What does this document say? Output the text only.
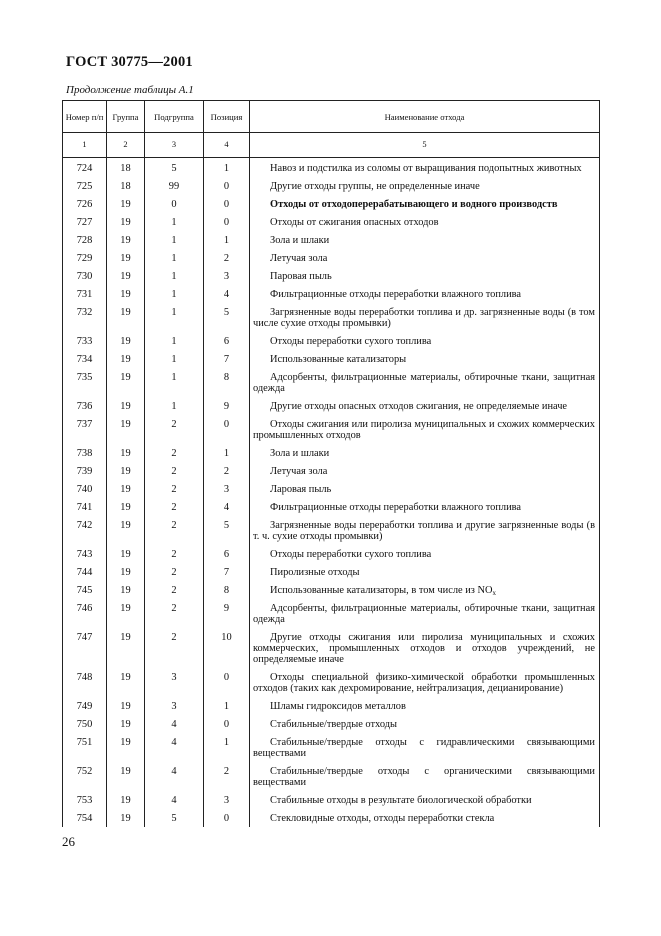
ГОСТ 30775—2001
Продолжение таблицы А.1
Номер п/п	Группа	Подгруппа	Позиция	Наименование отхода
1	2	3	4	5
724	18	5	1	Навоз и подстилка из соломы от выращивания подопытных животных
725	18	99	0	Другие отходы группы, не определенные иначе
726	19	0	0	Отходы от отходоперерабатывающего и водного производств
727	19	1	0	Отходы от сжигания опасных отходов
728	19	1	1	Зола и шлаки
729	19	1	2	Летучая зола
730	19	1	3	Паровая пыль
731	19	1	4	Фильтрационные отходы переработки влажного топлива
732	19	1	5	Загрязненные воды переработки топлива и др. загрязненные воды (в том числе сухие отходы промывки)
733	19	1	6	Отходы переработки сухого топлива
734	19	1	7	Использованные катализаторы
735	19	1	8	Адсорбенты, фильтрационные материалы, обтирочные ткани, защитная одежда
736	19	1	9	Другие отходы опасных отходов сжигания, не определяемые иначе
737	19	2	0	Отходы сжигания или пиролиза муниципальных и схожих коммерческих промышленных отходов
738	19	2	1	Зола и шлаки
739	19	2	2	Летучая зола
740	19	2	3	Ларовая пыль
741	19	2	4	Фильтрационные отходы переработки влажного топлива
742	19	2	5	Загрязненные воды переработки топлива и другие загрязненные воды (в т. ч. сухие отходы промывки)
743	19	2	6	Отходы переработки сухого топлива
744	19	2	7	Пиролизные отходы
745	19	2	8	Использованные катализаторы, в том числе из $NO_x$
746	19	2	9	Адсорбенты, фильтрационные материалы, обтирочные ткани, защитная одежда
747	19	2	10	Другие отходы сжигания или пиролиза муниципальных и схожих коммерческих, промышленных отходов и отходов учреждений, не определяемые иначе
748	19	3	0	Отходы специальной физико-химической обработки промышленных отходов (таких как дехромирование, нейтрализация, децианирование)
749	19	3	1	Шламы гидроксидов металлов
750	19	4	0	Стабильные/твердые отходы
751	19	4	1	Стабильные/твердые отходы с гидравлическими связывающими веществами
752	19	4	2	Стабильные/твердые отходы с органическими связывающими веществами
753	19	4	3	Стабильные отходы в результате биологической обработки
754	19	5	0	Стекловидные отходы, отходы переработки стекла
26
